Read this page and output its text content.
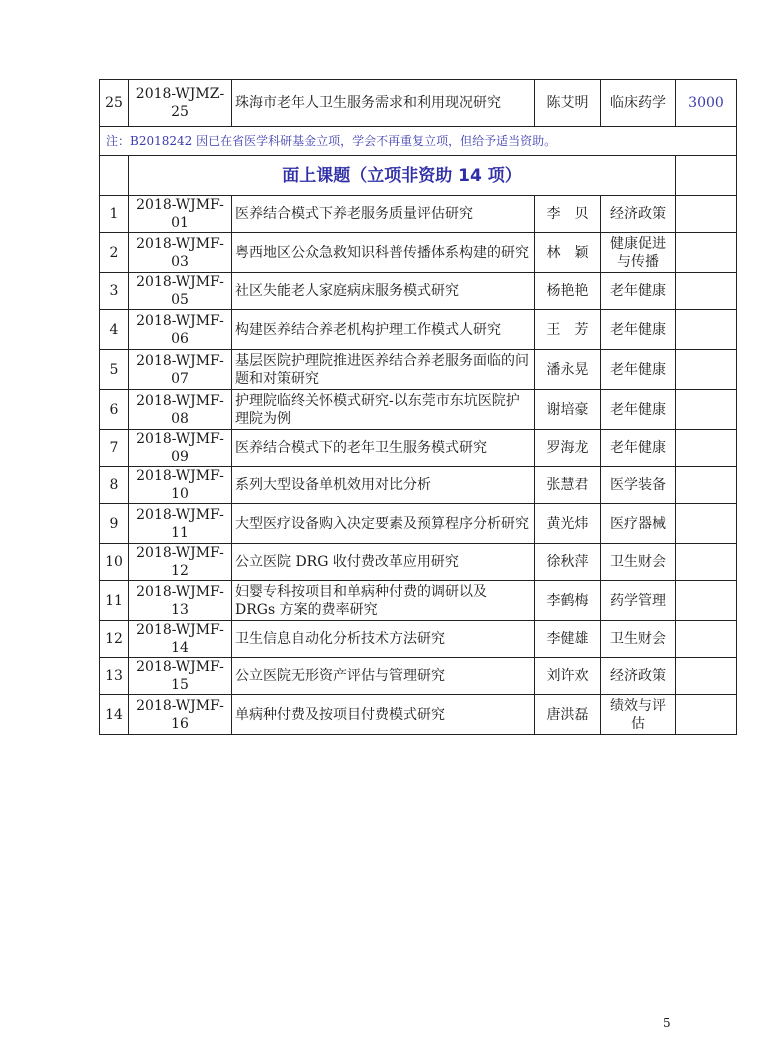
25	2018-WJMZ-25	珠海市老年人卫生服务需求和利用现况研究	陈艾明	临床药学	3000
注：B2018242 因已在省医学科研基金立项，学会不再重复立项，但给予适当资助。					
	面上课题（立项非资助 14 项）				
1	2018-WJMF-01	医养结合模式下养老服务质量评估研究	李　贝	经济政策	
2	2018-WJMF-03	粤西地区公众急救知识科普传播体系构建的研究	林　颖	健康促进与传播	
3	2018-WJMF-05	社区失能老人家庭病床服务模式研究	杨艳艳	老年健康	
4	2018-WJMF-06	构建医养结合养老机构护理工作模式人研究	王　芳	老年健康	
5	2018-WJMF-07	基层医院护理院推进医养结合养老服务面临的问题和对策研究	潘永晃	老年健康	
6	2018-WJMF-08	护理院临终关怀模式研究-以东莞市东坑医院护理院为例	谢培豪	老年健康	
7	2018-WJMF-09	医养结合模式下的老年卫生服务模式研究	罗海龙	老年健康	
8	2018-WJMF-10	系列大型设备单机效用对比分析	张慧君	医学装备	
9	2018-WJMF-11	大型医疗设备购入决定要素及预算程序分析研究	黄光炜	医疗器械	
10	2018-WJMF-12	公立医院 DRG 收付费改革应用研究	徐秋萍	卫生财会	
11	2018-WJMF-13	妇婴专科按项目和单病种付费的调研以及 DRGs 方案的费率研究	李鹤梅	药学管理	
12	2018-WJMF-14	卫生信息自动化分析技术方法研究	李健雄	卫生财会	
13	2018-WJMF-15	公立医院无形资产评估与管理研究	刘许欢	经济政策	
14	2018-WJMF-16	单病种付费及按项目付费模式研究	唐洪磊	绩效与评估	
5
